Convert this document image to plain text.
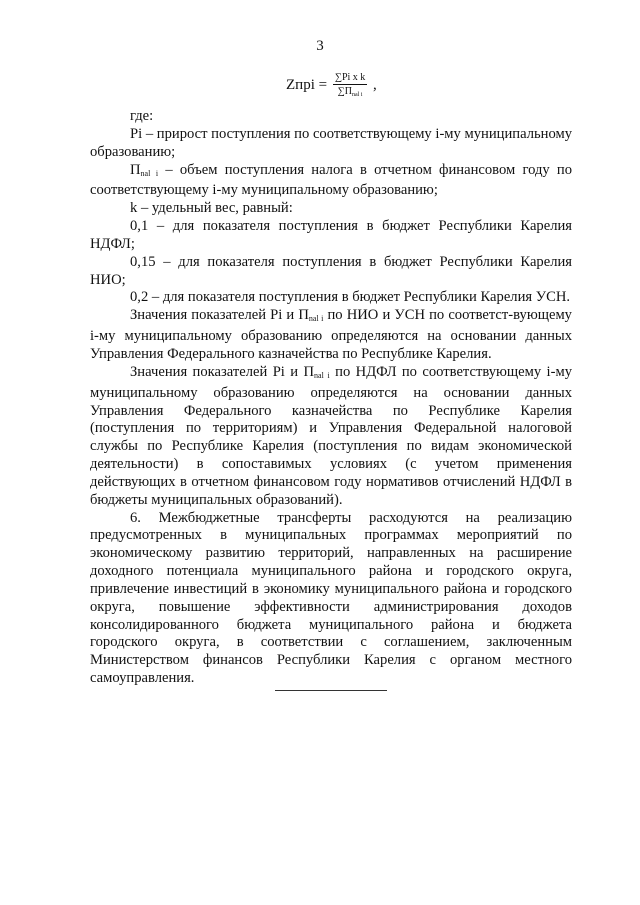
3
Zпрi = $\frac{\text{∑Pi x k}}{\sum П_{nal i}}$ ,

где:

Pi – прирост поступления по соответствующему i-му муниципальному образованию;

$П_{nal i}$ – объем поступления налога в отчетном финансовом году по соответствующему i-му муниципальному образованию;

k – удельный вес, равный:

0,1 – для показателя поступления в бюджет Республики Карелия НДФЛ;

0,15 – для показателя поступления в бюджет Республики Карелия НИО;

0,2 – для показателя поступления в бюджет Республики Карелия УСН.

Значения показателей Pi и $П_{nal i}$ по НИО и УСН по соответст-вующему i-му муниципальному образованию определяются на основании данных Управления Федерального казначейства по Республике Карелия.

Значения показателей Pi и $П_{nal i}$ по НДФЛ по соответствующему i-му муниципальному образованию определяются на основании данных Управления Федерального казначейства по Республике Карелия (поступления по территориям) и Управления Федеральной налоговой службы по Республике Карелия (поступления по видам экономической деятельности) в сопоставимых условиях (с учетом применения действующих в отчетном финансовом году нормативов отчислений НДФЛ в бюджеты муниципальных образований).

6. Межбюджетные трансферты расходуются на реализацию предусмотренных в муниципальных программах мероприятий по экономическому развитию территорий, направленных на расширение доходного потенциала муниципального района и городского округа, привлечение инвестиций в экономику муниципального района и городского округа, повышение эффективности администрирования доходов консолидированного бюджета муниципального района и бюджета городского округа, в соответствии с соглашением, заключенным Министерством финансов Республики Карелия с органом местного самоуправления.
